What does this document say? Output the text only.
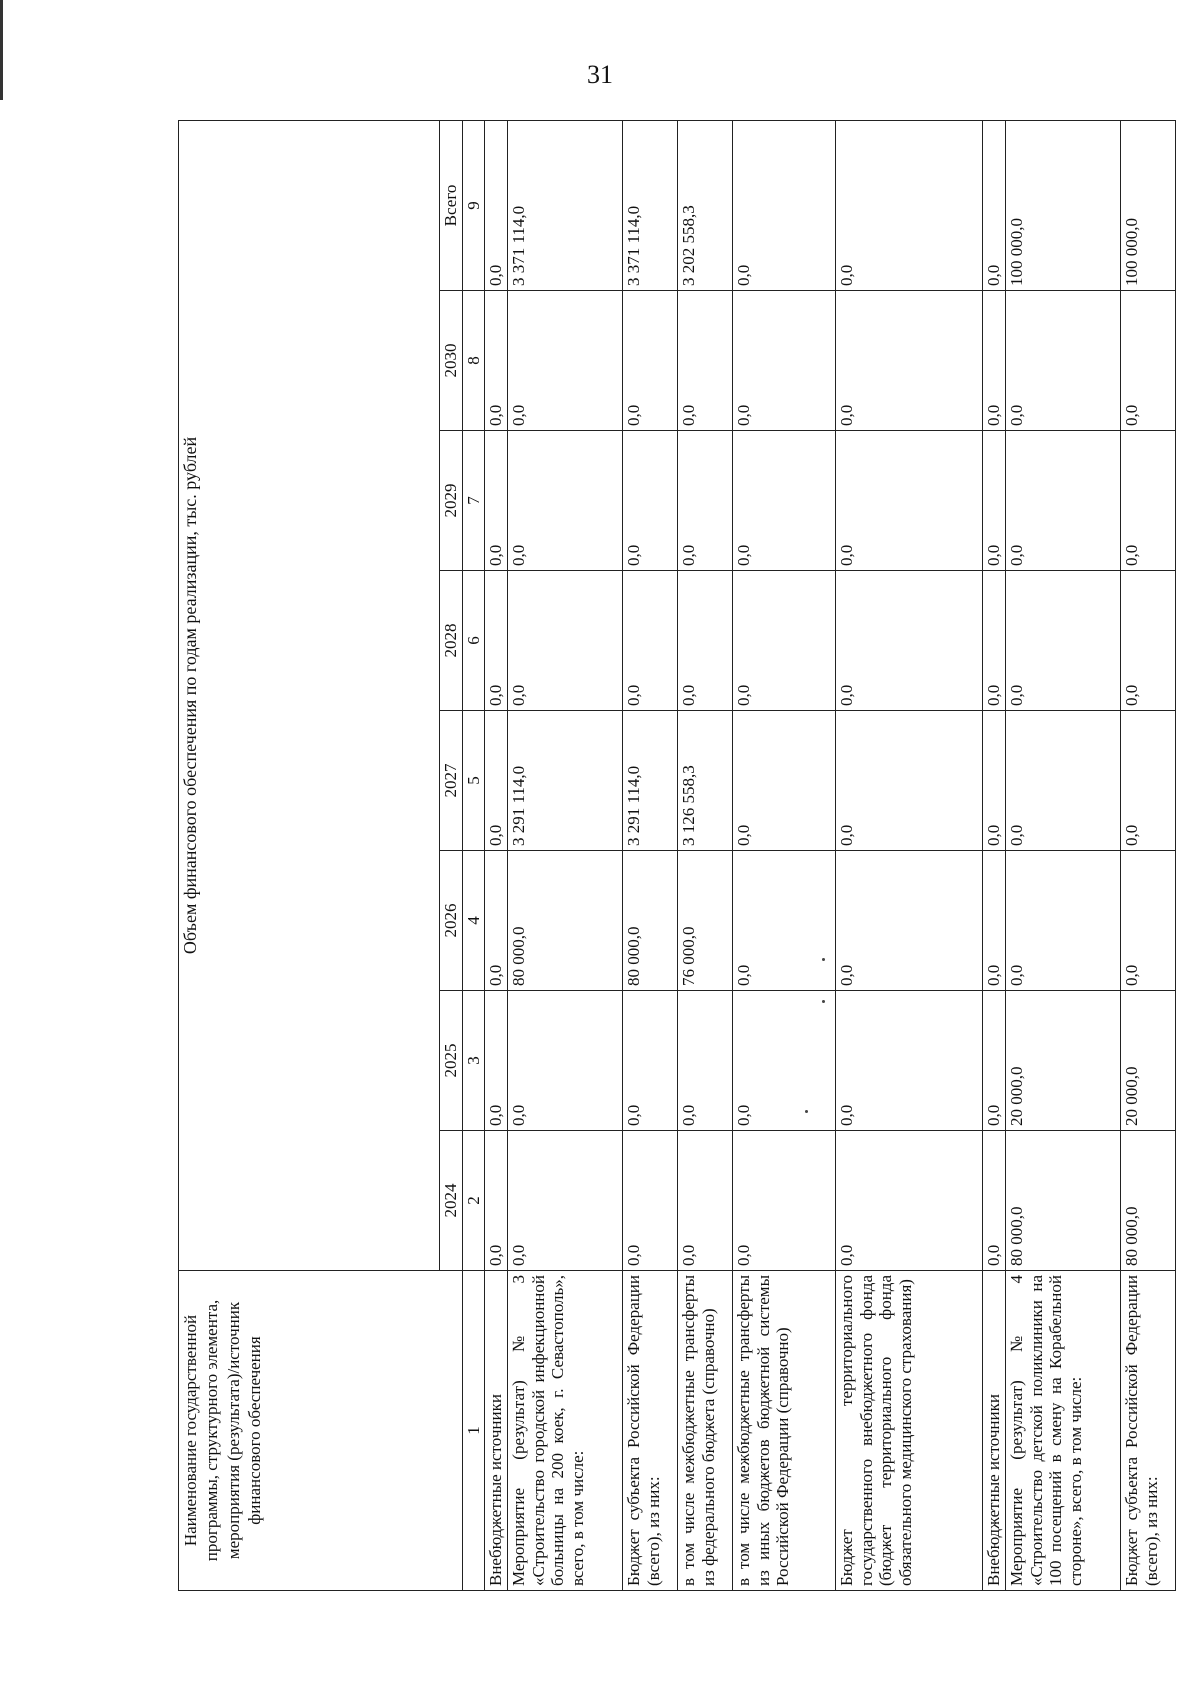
31
Наименование государственной программы, структурного элемента, мероприятия (результата)/источник финансового обеспечения	Объем финансового обеспечения по годам реализации, тыс. рублей							
	2024	2025	2026	2027	2028	2029	2030	Всего
1	2	3	4	5	6	7	8	9
Внебюджетные источники	0,0	0,0	0,0	0,0	0,0	0,0	0,0	0,0
Мероприятие (результат) № 3 «Строительство городской инфекционной больницы на 200 коек, г. Севастополь», всего, в том числе:	0,0	0,0	80 000,0	3 291 114,0	0,0	0,0	0,0	3 371 114,0
Бюджет субъекта Российской Федерации (всего), из них:	0,0	0,0	80 000,0	3 291 114,0	0,0	0,0	0,0	3 371 114,0
в том числе межбюджетные трансферты из федерального бюджета (справочно)	0,0	0,0	76 000,0	3 126 558,3	0,0	0,0	0,0	3 202 558,3
в том числе межбюджетные трансферты из иных бюджетов бюджетной системы Российской Федерации (справочно)	0,0	0,0	0,0	0,0	0,0	0,0	0,0	0,0
Бюджет территориального государственного внебюджетного фонда (бюджет территориального фонда обязательного медицинского страхования)	0,0	0,0	0,0	0,0	0,0	0,0	0,0	0,0
Внебюджетные источники	0,0	0,0	0,0	0,0	0,0	0,0	0,0	0,0
Мероприятие (результат) № 4 «Строительство детской поликлиники на 100 посещений в смену на Корабельной стороне», всего, в том числе:	80 000,0	20 000,0	0,0	0,0	0,0	0,0	0,0	100 000,0
Бюджет субъекта Российской Федерации (всего), из них:	80 000,0	20 000,0	0,0	0,0	0,0	0,0	0,0	100 000,0
